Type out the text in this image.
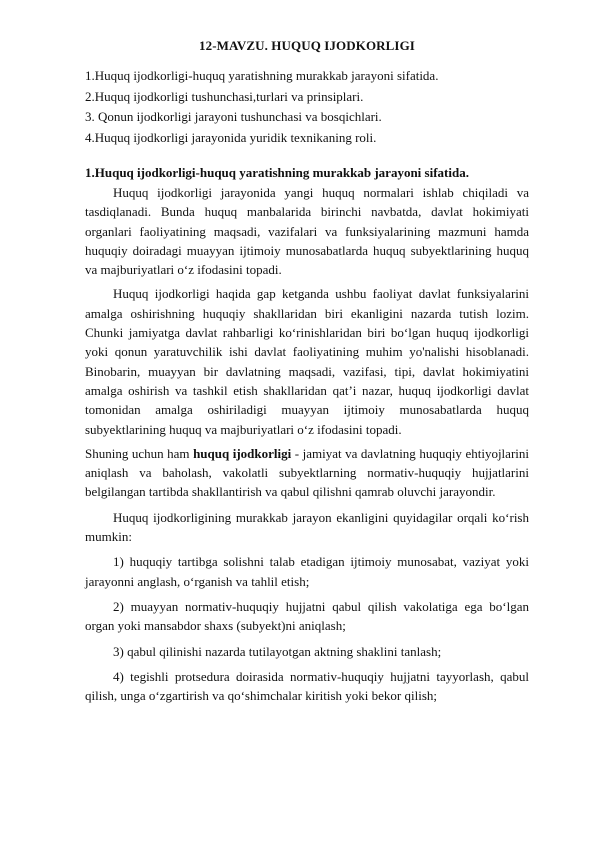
12-MAVZU. HUQUQ IJODKORLIGI

1.Huquq ijodkorligi-huquq yaratishning murakkab jarayoni sifatida.

2.Huquq ijodkorligi tushunchasi,turlari va prinsiplari.

3. Qonun ijodkorligi jarayoni tushunchasi va bosqichlari.

4.Huquq ijodkorligi jarayonida yuridik texnikaning roli.

1.Huquq ijodkorligi-huquq yaratishning murakkab jarayoni sifatida.

Huquq ijodkorligi jarayonida yangi huquq normalari ishlab chiqiladi va tasdiqlanadi. Bunda huquq manbalarida birinchi navbatda, davlat hokimiyati organlari faoliyatining maqsadi, vazifalari va funksiyalarining mazmuni hamda huquqiy doiradagi muayyan ijtimoiy munosabatlarda huquq subyektlarining huquq va majburiyatlari o‘z ifodasini topadi.

Huquq ijodkorligi haqida gap ketganda ushbu faoliyat davlat funksiyalarini amalga oshirishning huquqiy shakllaridan biri ekanligini nazarda tutish lozim. Chunki jamiyatga davlat rahbarligi ko‘rinishlaridan biri bo‘lgan huquq ijodkorligi yoki qonun yaratuvchilik ishi davlat faoliyatining muhim yo'nalishi hisoblanadi. Binobarin, muayyan bir davlatning maqsadi, vazifasi, tipi, davlat hokimiyatini amalga oshirish va tashkil etish shakllaridan qat’i nazar, huquq ijodkorligi davlat tomonidan amalga oshiriladigi muayyan ijtimoiy munosabatlarda huquq subyektlarining huquq va majburiyatlari o‘z ifodasini topadi.

Shuning uchun ham huquq ijodkorligi - jamiyat va davlatning huquqiy ehtiyojlarini aniqlash va baholash, vakolatli subyektlarning normativ-huquqiy hujjatlarini belgilangan tartibda shakllantirish va qabul qilishni qamrab oluvchi jarayondir.

Huquq ijodkorligining murakkab jarayon ekanligini quyidagilar orqali ko‘rish mumkin:

1) huquqiy tartibga solishni talab etadigan ijtimoiy munosabat, vaziyat yoki jarayonni anglash, o‘rganish va tahlil etish;

2) muayyan normativ-huquqiy hujjatni qabul qilish vakolatiga ega bo‘lgan organ yoki mansabdor shaxs (subyekt)ni aniqlash;

3) qabul qilinishi nazarda tutilayotgan aktning shaklini tanlash;

4) tegishli protsedura doirasida normativ-huquqiy hujjatni tayyorlash, qabul qilish, unga o‘zgartirish va qo‘shimchalar kiritish yoki bekor qilish;
